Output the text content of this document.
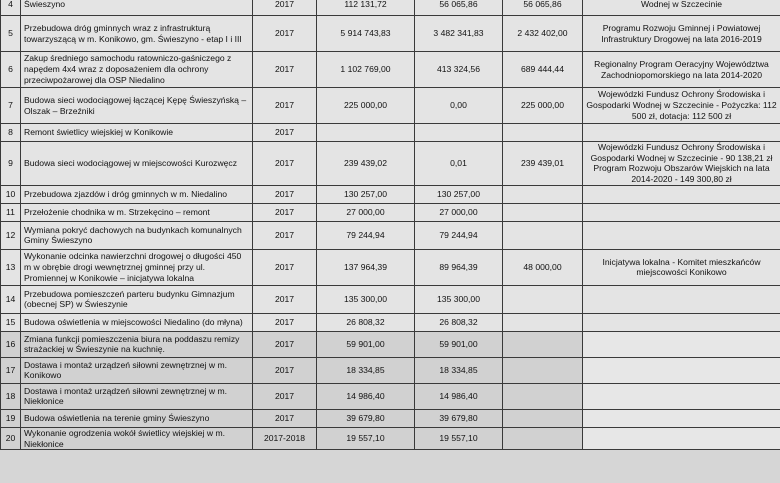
4	Świeszyno	2017	112 131,72	56 065,86	56 065,86	Wodnej w Szczecinie
5	Przebudowa dróg gminnych wraz z infrastrukturą towarzyszącą w m. Konikowo, gm. Świeszyno - etap I i III	2017	5 914 743,83	3 482 341,83	2 432 402,00	Programu Rozwoju Gminnej i Powiatowej Infrastruktury Drogowej na lata 2016-2019
6	Zakup średniego samochodu ratowniczo-gaśniczego z napędem 4x4 wraz z doposażeniem dla ochrony przeciwpożarowej dla OSP Niedalino	2017	1 102 769,00	413 324,56	689 444,44	Regionalny Program Oeracyjny Województwa Zachodniopomorskiego na lata 2014-2020
7	Budowa sieci wodociągowej łączącej Kępę Świeszyńską – Olszak – Brzeźniki	2017	225 000,00	0,00	225 000,00	Wojewódzki Fundusz Ochrony Środowiska i Gospodarki Wodnej w Szczecinie - Pożyczka: 112 500 zł, dotacja: 112 500 zł
8	Remont świetlicy wiejskiej w Konikowie	2017				
9	Budowa sieci wodociągowej w miejscowości Kurozwęcz	2017	239 439,02	0,01	239 439,01	Wojewódzki Fundusz Ochrony Środowiska i Gospodarki Wodnej w Szczecinie - 90 138,21 zł Program Rozwoju Obszarów Wiejskich na lata 2014-2020 - 149 300,80 zł
10	Przebudowa zjazdów i dróg gminnych w m. Niedalino	2017	130 257,00	130 257,00		
11	Przełożenie chodnika w m. Strzekęcino – remont	2017	27 000,00	27 000,00		
12	Wymiana pokryć dachowych na budynkach komunalnych Gminy Świeszyno	2017	79 244,94	79 244,94		
13	Wykonanie odcinka nawierzchni drogowej o długości 450 m w obrębie drogi wewnętrznej gminnej przy ul. Promiennej w Konikowie – inicjatywa lokalna	2017	137 964,39	89 964,39	48 000,00	Inicjatywa lokalna - Komitet mieszkańców miejscowości Konikowo
14	Przebudowa pomieszczeń parteru budynku Gimnazjum (obecnej SP) w Świeszynie	2017	135 300,00	135 300,00		
15	Budowa oświetlenia w miejscowości Niedalino (do młyna)	2017	26 808,32	26 808,32		
16	Zmiana funkcji pomieszczenia biura na poddaszu remizy strażackiej w Świeszynie na kuchnię.	2017	59 901,00	59 901,00		
17	Dostawa i montaż urządzeń siłowni zewnętrznej w m. Konikowo	2017	18 334,85	18 334,85		
18	Dostawa i montaż urządzeń siłowni zewnętrznej w m. Niekłonice	2017	14 986,40	14 986,40		
19	Budowa oświetlenia na terenie gminy Świeszyno	2017	39 679,80	39 679,80		
20	Wykonanie ogrodzenia wokół świetlicy wiejskiej w m. Niekłonice	2017-2018	19 557,10	19 557,10		
